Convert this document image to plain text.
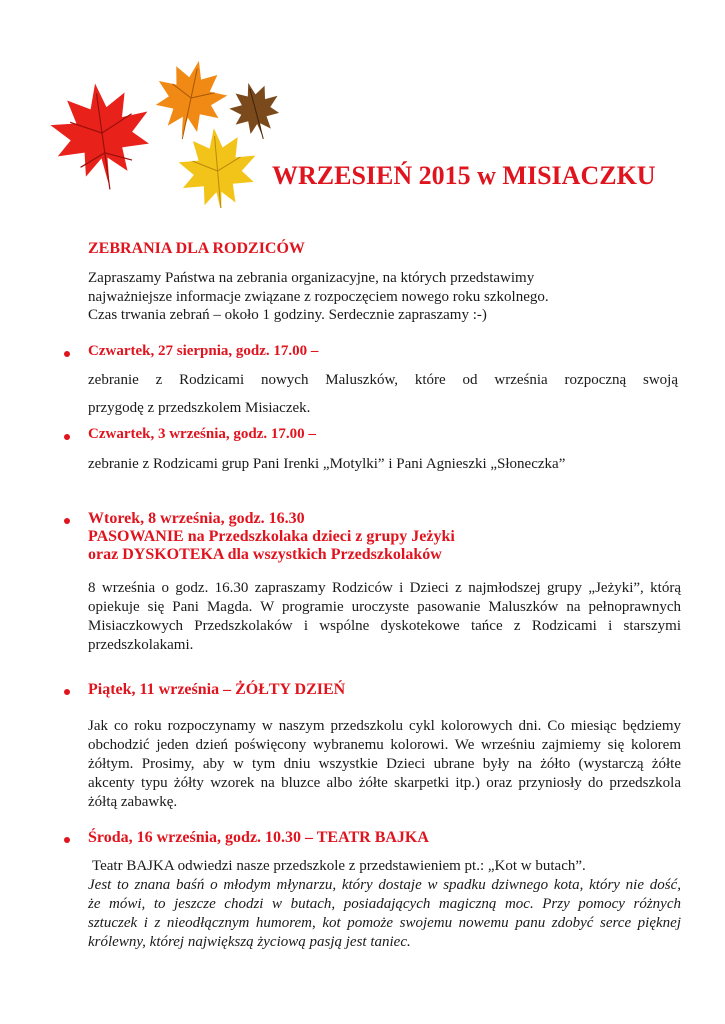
WRZESIEŃ 2015 w MISIACZKU
ZEBRANIA DLA RODZICÓW
Zapraszamy Państwa na zebrania organizacyjne, na których przedstawimy
najważniejsze informacje związane z rozpoczęciem nowego roku szkolnego.
Czas trwania zebrań – około 1 godziny. Serdecznie zapraszamy :-)
Czwartek, 27 sierpnia, godz. 17.00 –
zebranie z Rodzicami nowych Maluszków, które od września rozpoczną swoją
przygodę z przedszkolem Misiaczek.
Czwartek, 3 września, godz. 17.00 –
zebranie z Rodzicami grup Pani Irenki „Motylki” i Pani Agnieszki „Słoneczka”
Wtorek, 8 września, godz. 16.30
PASOWANIE na Przedszkolaka dzieci z grupy Jeżyki
oraz DYSKOTEKA dla wszystkich Przedszkolaków
8 września o godz. 16.30 zapraszamy Rodziców i Dzieci z najmłodszej grupy „Jeżyki”, którą
opiekuje się Pani Magda. W programie uroczyste pasowanie Maluszków na pełnoprawnych
Misiaczkowych Przedszkolaków i wspólne dyskotekowe tańce z Rodzicami i starszymi
przedszkolakami.
Piątek, 11 września – ŻÓŁTY DZIEŃ
Jak co roku rozpoczynamy w naszym przedszkolu cykl kolorowych dni. Co miesiąc będziemy
obchodzić jeden dzień poświęcony wybranemu kolorowi. We wrześniu zajmiemy się kolorem
żółtym. Prosimy, aby w tym dniu wszystkie Dzieci ubrane były na żółto (wystarczą żółte
akcenty typu żółty wzorek na bluzce albo żółte skarpetki itp.) oraz przyniosły do przedszkola
żółtą zabawkę.
Środa, 16 września, godz. 10.30 – TEATR BAJKA
Teatr BAJKA odwiedzi nasze przedszkole z przedstawieniem pt.: „Kot w butach”.
Jest to znana baśń o młodym młynarzu, który dostaje w spadku dziwnego kota, który nie dość,
że mówi, to jeszcze chodzi w butach, posiadających magiczną moc. Przy pomocy różnych
sztuczek i z nieodłącznym humorem, kot pomoże swojemu nowemu panu zdobyć serce pięknej
królewny, której największą życiową pasją jest taniec.
